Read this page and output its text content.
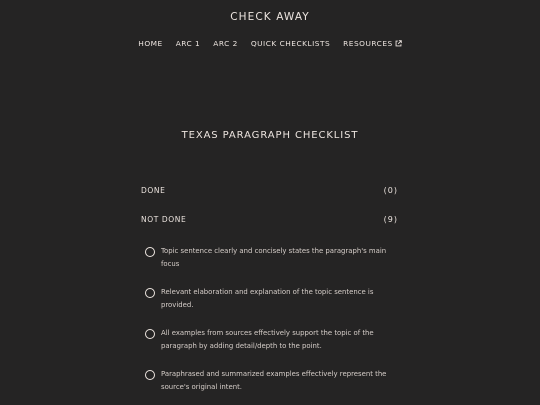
CHECK AWAY
HOME ARC 1 ARC 2 QUICK CHECKLISTS RESOURCES
TEXAS PARAGRAPH CHECKLIST
DONE	(0)
NOT DONE	(9)
Topic sentence clearly and concisely states the paragraph's main focus
Relevant elaboration and explanation of the topic sentence is provided.
All examples from sources effectively support the topic of the paragraph by adding detail/depth to the point.
Paraphrased and summarized examples effectively represent the source's original intent.
